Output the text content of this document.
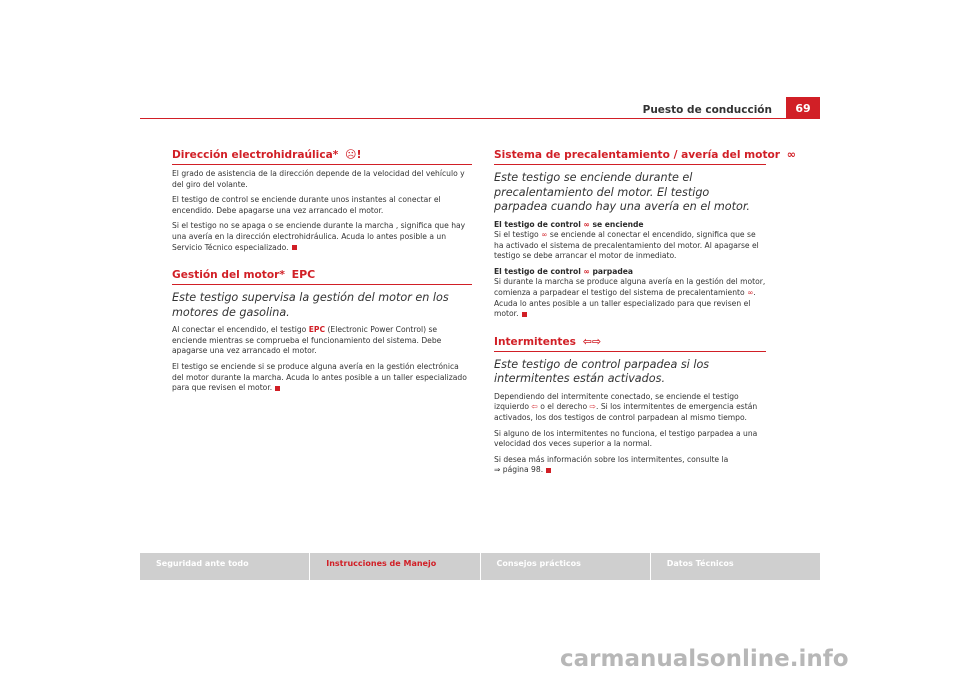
Puesto de conducción	69
Dirección electrohidraúlica* ☹!

El grado de asistencia de la dirección depende de la velocidad del vehículo y del giro del volante.

El testigo de control se enciende durante unos instantes al conectar el encendido. Debe apagarse una vez arrancado el motor.

Si el testigo no se apaga o se enciende durante la marcha , significa que hay una avería en la dirección electrohidráulica. Acuda lo antes posible a un Servicio Técnico especializado.

Gestión del motor* EPC
Este testigo supervisa la gestión del motor en los motores de gasolina.

Al conectar el encendido, el testigo EPC (Electronic Power Control) se enciende mientras se comprueba el funcionamiento del sistema. Debe apagarse una vez arrancado el motor.

El testigo se enciende si se produce alguna avería en la gestión electrónica del motor durante la marcha. Acuda lo antes posible a un taller especializado para que revisen el motor.

Sistema de precalentamiento / avería del motor ∞
Este testigo se enciende durante el precalentamiento del motor. El testigo parpadea cuando hay una avería en el motor.
El testigo de control ∞ se enciende

Si el testigo ∞ se enciende al conectar el encendido, significa que se ha activado el sistema de precalentamiento del motor. Al apagarse el testigo se debe arrancar el motor de inmediato.

El testigo de control ∞ parpadea

Si durante la marcha se produce alguna avería en la gestión del motor, comienza a parpadear el testigo del sistema de precalentamiento ∞. Acuda lo antes posible a un taller especializado para que revisen el motor.

Intermitentes ⇦⇨
Este testigo de control parpadea si los intermitentes están activados.

Dependiendo del intermitente conectado, se enciende el testigo izquierdo ⇦ o el derecho ⇨. Si los intermitentes de emergencia están activados, los dos testigos de control parpadean al mismo tiempo.

Si alguno de los intermitentes no funciona, el testigo parpadea a una velocidad dos veces superior a la normal.

Si desea más información sobre los intermitentes, consulte la
⇒ página 98.

Seguridad ante todo	Instrucciones de Manejo	Consejos prácticos	Datos Técnicos
carmanualsonline.info
